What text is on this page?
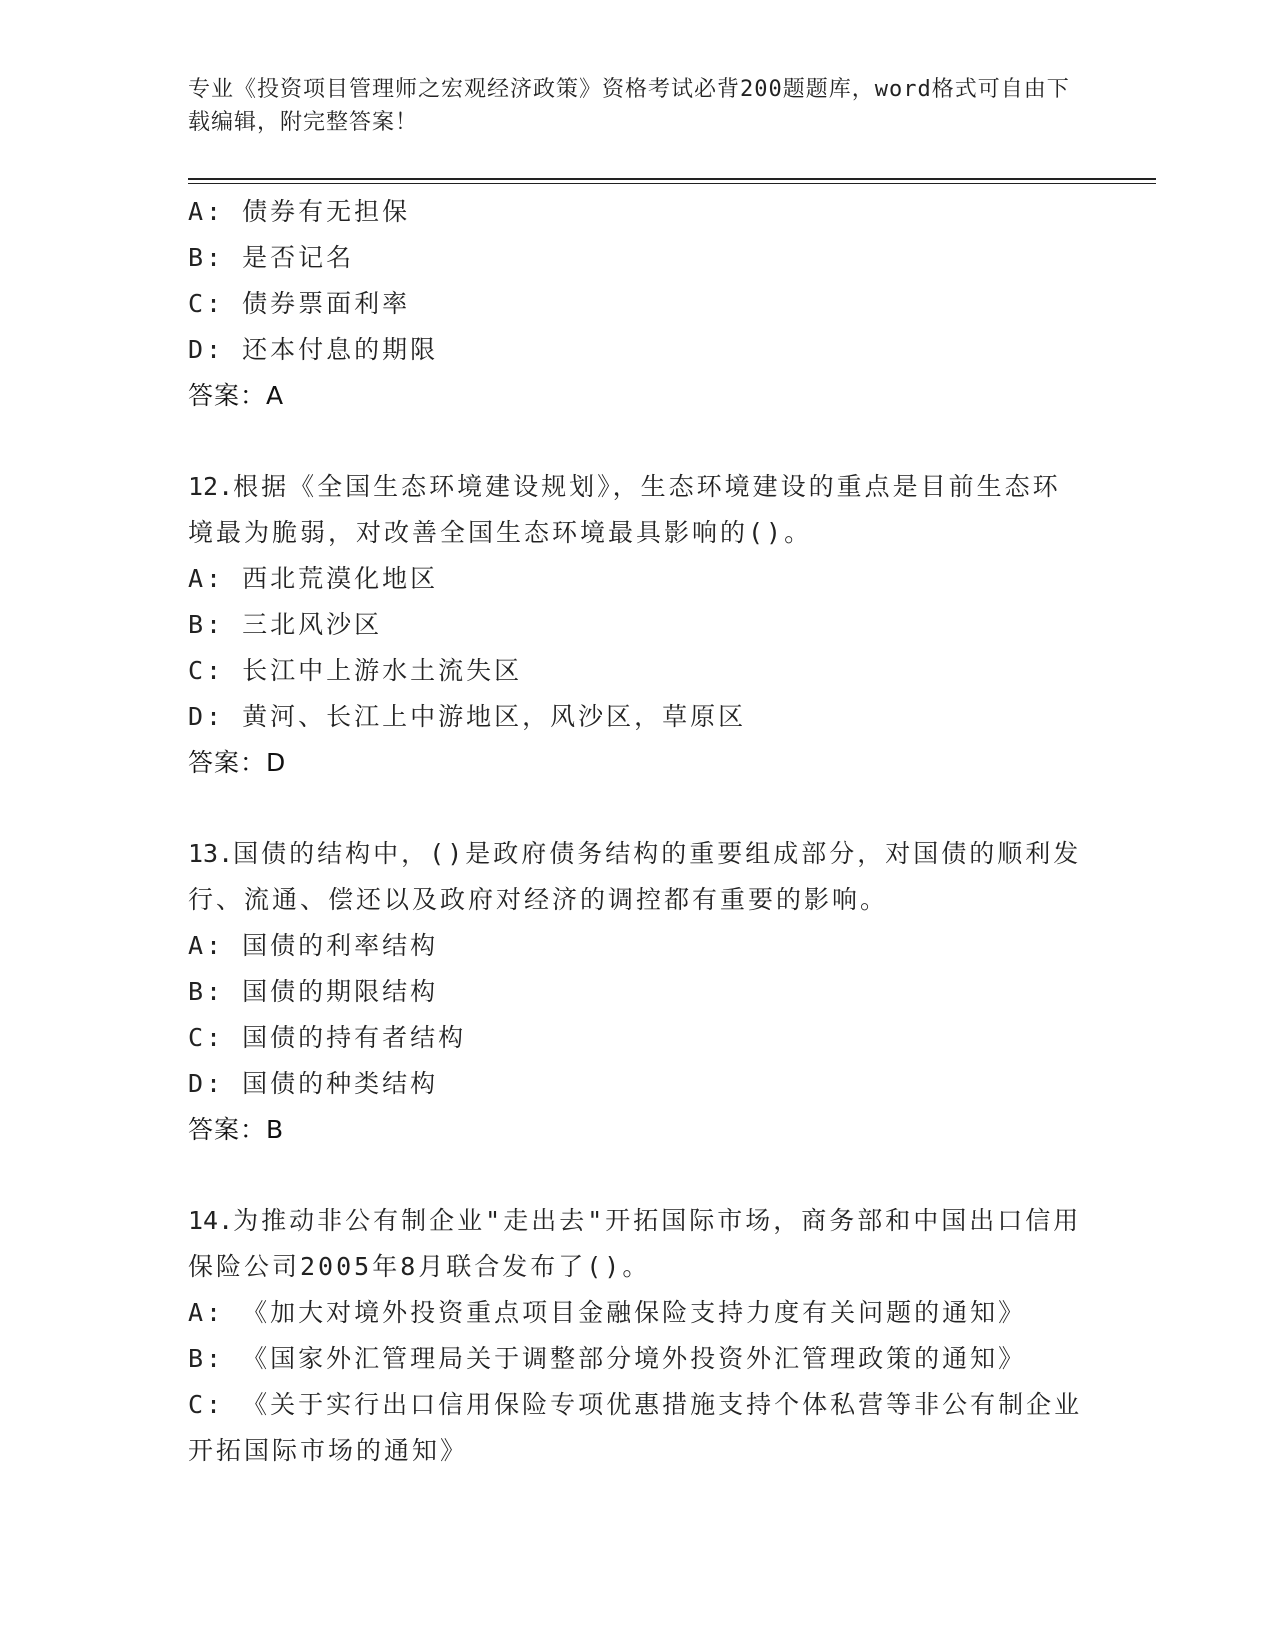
专业《投资项目管理师之宏观经济政策》资格考试必背200题题库，word格式可自由下载编辑，附完整答案！

A: 债券有无担保

B: 是否记名

C: 债券票面利率

D: 还本付息的期限

答案：A

12.根据《全国生态环境建设规划》，生态环境建设的重点是目前生态环境最为脆弱，对改善全国生态环境最具影响的()。

A: 西北荒漠化地区

B: 三北风沙区

C: 长江中上游水土流失区

D: 黄河、长江上中游地区，风沙区，草原区

答案：D

13.国债的结构中，()是政府债务结构的重要组成部分，对国债的顺利发行、流通、偿还以及政府对经济的调控都有重要的影响。

A: 国债的利率结构

B: 国债的期限结构

C: 国债的持有者结构

D: 国债的种类结构

答案：B

14.为推动非公有制企业"走出去"开拓国际市场，商务部和中国出口信用保险公司2005年8月联合发布了()。

A: 《加大对境外投资重点项目金融保险支持力度有关问题的通知》

B: 《国家外汇管理局关于调整部分境外投资外汇管理政策的通知》

C: 《关于实行出口信用保险专项优惠措施支持个体私营等非公有制企业开拓国际市场的通知》
